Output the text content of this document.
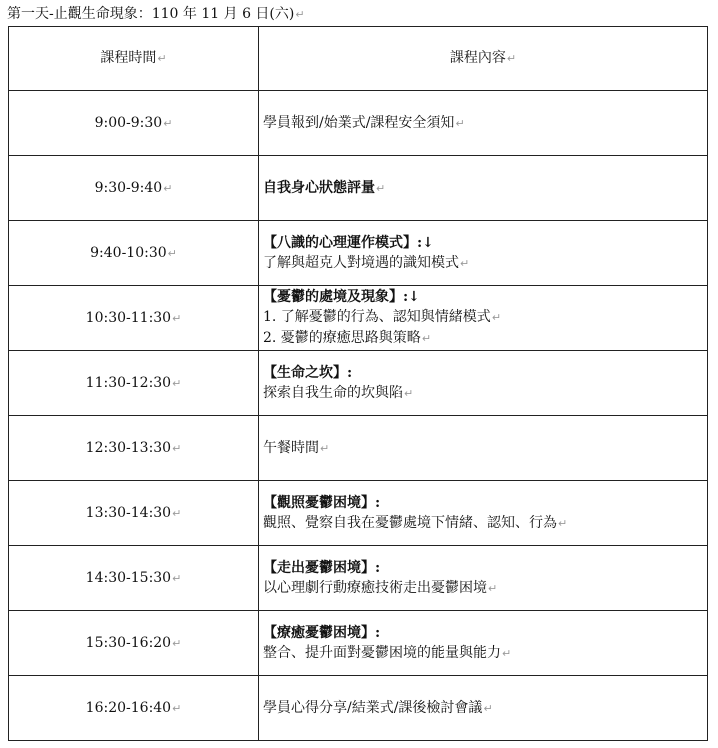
第一天-止觀生命現象：110 年 11 月 6 日(六)↵
課程時間↵	課程內容↵
9:00-9:30↵	學員報到/始業式/課程安全須知↵

9:30-9:40↵	自我身心狀態評量↵

9:40-10:30↵	【八識的心理運作模式】:↓
了解與超克人對境遇的識知模式↵

10:30-11:30↵	【憂鬱的處境及現象】:↓
1. 了解憂鬱的行為、認知與情緒模式↵
2. 憂鬱的療癒思路與策略↵

11:30-12:30↵	【生命之坎】:
探索自我生命的坎與陷↵

12:30-13:30↵	午餐時間↵

13:30-14:30↵	【觀照憂鬱困境】:
觀照、覺察自我在憂鬱處境下情緒、認知、行為↵

14:30-15:30↵	【走出憂鬱困境】:
以心理劇行動療癒技術走出憂鬱困境↵

15:30-16:20↵	【療癒憂鬱困境】:
整合、提升面對憂鬱困境的能量與能力↵

16:20-16:40↵	學員心得分享/結業式/課後檢討會議↵
